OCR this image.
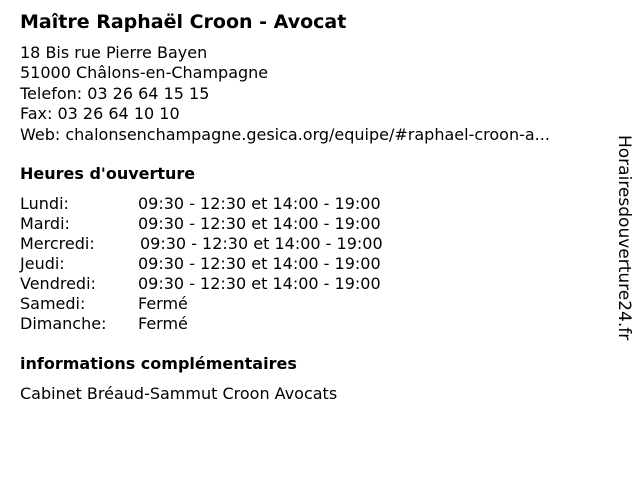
Maître Raphaël Croon - Avocat
18 Bis rue Pierre Bayen
51000 Châlons-en-Champagne
Telefon: 03 26 64 15 15
Fax: 03 26 64 10 10
Web: chalonsenchampagne.gesica.org/equipe/#raphael-croon-a...
Heures d'ouverture
Lundi:	09:30 - 12:30 et 14:00 - 19:00
Mardi:	09:30 - 12:30 et 14:00 - 19:00
Mercredi:	09:30 - 12:30 et 14:00 - 19:00
Jeudi:	09:30 - 12:30 et 14:00 - 19:00
Vendredi:	09:30 - 12:30 et 14:00 - 19:00
Samedi:	Fermé
Dimanche: Fermé
informations complémentaires
Cabinet Bréaud-Sammut Croon Avocats
Horairesdouverture24.fr
